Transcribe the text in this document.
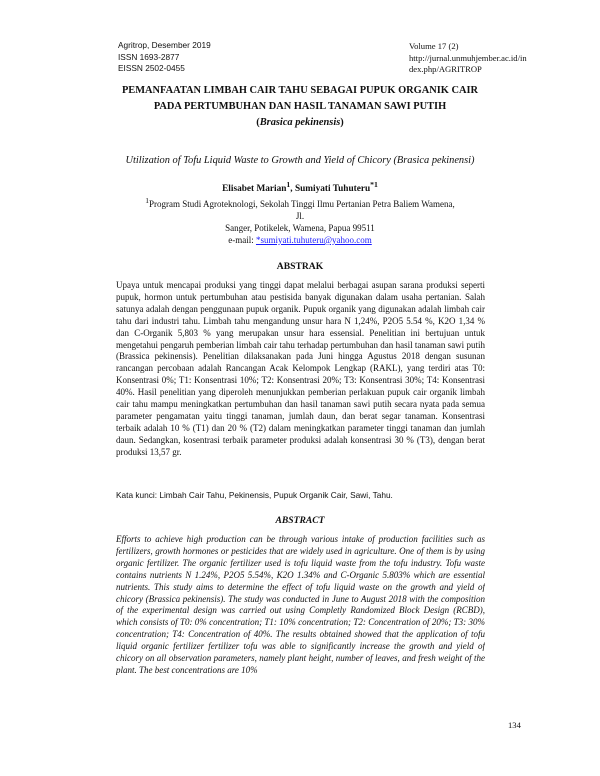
Agritrop, Desember 2019
ISSN 1693-2877
EISSN 2502-0455
Volume 17 (2)
http://jurnal.unmuhjember.ac.id/in
dex.php/AGRITROP
PEMANFAATAN LIMBAH CAIR TAHU SEBAGAI PUPUK ORGANIK CAIR
PADA PERTUMBUHAN DAN HASIL TANAMAN SAWI PUTIH
(Brasica pekinensis)
Utilization of Tofu Liquid Waste to Growth and Yield of Chicory (Brasica pekinensi)
Elisabet Marian$^1$, Sumiyati Tuhuteru$^{*1}$
$^1$Program Studi Agroteknologi, Sekolah Tinggi Ilmu Pertanian Petra Baliem Wamena, Jl.
Sanger, Potikelek, Wamena, Papua 99511
e-mail: *sumiyati.tuhuteru@yahoo.com
ABSTRAK
Upaya untuk mencapai produksi yang tinggi dapat melalui berbagai asupan sarana produksi seperti pupuk, hormon untuk pertumbuhan atau pestisida banyak digunakan dalam usaha pertanian. Salah satunya adalah dengan penggunaan pupuk organik. Pupuk organik yang digunakan adalah limbah cair tahu dari industri tahu. Limbah tahu mengandung unsur hara N 1,24%, P2O5 5.54 %, K2O 1,34 % dan C-Organik 5,803 % yang merupakan unsur hara essensial. Penelitian ini bertujuan untuk mengetahui pengaruh pemberian limbah cair tahu terhadap pertumbuhan dan hasil tanaman sawi putih (Brassica pekinensis). Penelitian dilaksanakan pada Juni hingga Agustus 2018 dengan susunan rancangan percobaan adalah Rancangan Acak Kelompok Lengkap (RAKL), yang terdiri atas T0: Konsentrasi 0%; T1: Konsentrasi 10%; T2: Konsentrasi 20%; T3: Konsentrasi 30%; T4: Konsentrasi 40%. Hasil penelitian yang diperoleh menunjukkan pemberian perlakuan pupuk cair organik limbah cair tahu mampu meningkatkan pertumbuhan dan hasil tanaman sawi putih secara nyata pada semua parameter pengamatan yaitu tinggi tanaman, jumlah daun, dan berat segar tanaman. Konsentrasi terbaik adalah 10 % (T1) dan 20 % (T2) dalam meningkatkan parameter tinggi tanaman dan jumlah daun. Sedangkan, kosentrasi terbaik parameter produksi adalah konsentrasi 30 % (T3), dengan berat produksi 13,57 gr.
Kata kunci: Limbah Cair Tahu, Pekinensis, Pupuk Organik Cair, Sawi, Tahu.
ABSTRACT
Efforts to achieve high production can be through various intake of production facilities such as fertilizers, growth hormones or pesticides that are widely used in agriculture. One of them is by using organic fertilizer. The organic fertilizer used is tofu liquid waste from the tofu industry. Tofu waste contains nutrients N 1.24%, P2O5 5.54%, K2O 1.34% and C-Organic 5.803% which are essential nutrients. This study aims to determine the effect of tofu liquid waste on the growth and yield of chicory (Brassica pekinensis). The study was conducted in June to August 2018 with the composition of the experimental design was carried out using Completly Randomized Block Design (RCBD), which consists of T0: 0% concentration; T1: 10% concentration; T2: Concentration of 20%; T3: 30% concentration; T4: Concentration of 40%. The results obtained showed that the application of tofu liquid organic fertilizer fertilizer tofu was able to significantly increase the growth and yield of chicory on all observation parameters, namely plant height, number of leaves, and fresh weight of the plant. The best concentrations are 10%
134
